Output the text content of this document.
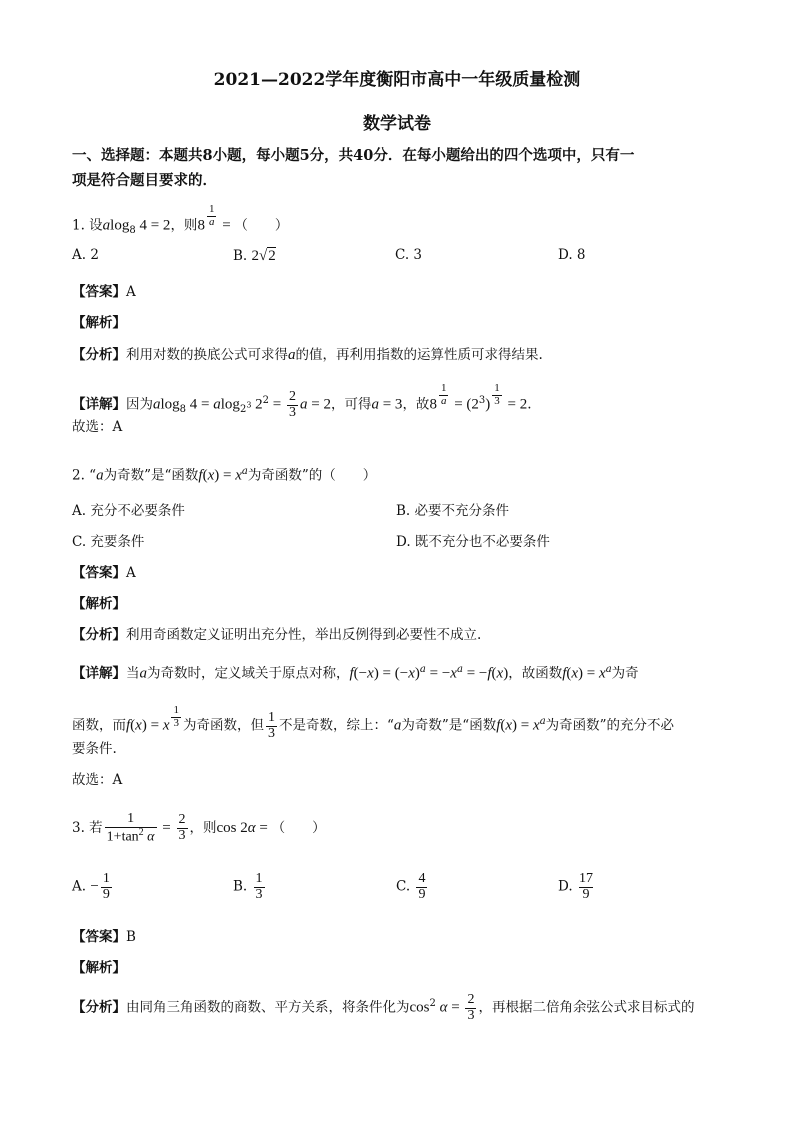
2021—2022学年度衡阳市高中一年级质量检测
数学试卷
一、选择题：本题共8小题，每小题5分，共40分．在每小题给出的四个选项中，只有一
项是符合题目要求的．
1. 设alog$_8$ 4 = 2，则$8 \frac{1}{a}$ = （　　）
A. 2	B. 2√2	C. 3	D. 8
【答案】A
【解析】
【分析】利用对数的换底公式可求得a的值，再利用指数的运算性质可求得结果.
【详解】因为alog$_8$ 4 = alog$_{2^3}$ $2^2 = \frac{2}{3}$ a = 2，可得a = 3，故$8 \frac{1}{a} = (2^3) \frac{1}{3} = 2$.
故选：A
2. “a为奇数”是“函数$f(x) = x^a$为奇函数”的（　　）
A. 充分不必要条件	B. 必要不充分条件
C. 充要条件	D. 既不充分也不必要条件
【答案】A
【解析】
【分析】利用奇函数定义证明出充分性，举出反例得到必要性不成立.
【详解】当a为奇数时，定义域关于原点对称，$f(-x) = (-x)^a = -x^a = -f(x)$，故函数$f(x) = x^a$为奇
函数，而f(x) = x $\frac{1}{3}$ 为奇函数，但 $\frac{1}{3}$ 不是奇数，综上：“a为奇数”是“函数$f(x) = x^a$为奇函数”的充分不必
要条件.
故选：A
3. 若 $\frac{1}{1+\tan^2 \alpha} = \frac{2}{3}$ ，则cos 2α = （　　）
A. − $\frac{1}{9}$	B. $\frac{1}{3}$	C. $\frac{4}{9}$	D. $\frac{17}{9}$
【答案】B
【解析】
【分析】由同角三角函数的商数、平方关系，将条件化为$\cos^2 \alpha = \frac{2}{3}$ ，再根据二倍角余弦公式求目标式的
